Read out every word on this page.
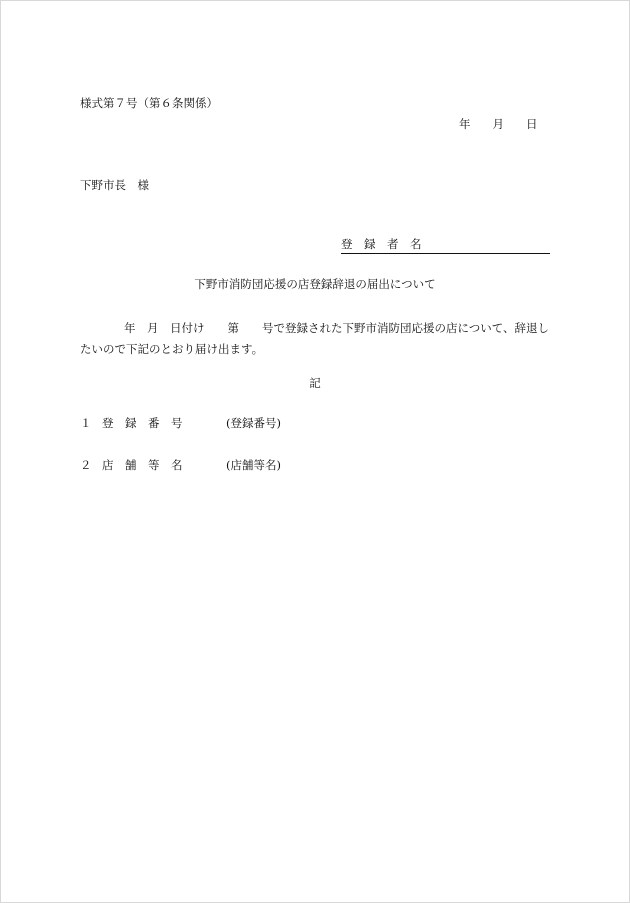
様式第７号（第６条関係）
年 月 日
下野市長　様
登　録　者　名
下野市消防団応援の店登録辞退の届出について
年　月　日付け　　第　　号で登録された下野市消防団応援の店について、辞退したいので下記のとおり届け出ます。
記
１ 登　録　番　号	(登録番号)
２ 店　舗　等　名	(店舗等名)
